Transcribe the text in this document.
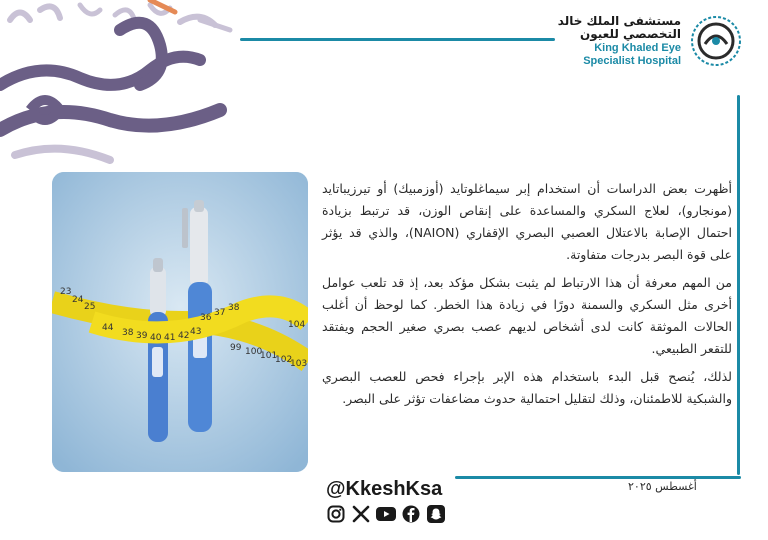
مستشفى الملك خالد
التخصصي للعيون
King Khaled Eye
Specialist Hospital
23
24
25
36 37 38
38 39 40 41 42 43
44
99 100
101
102
103
104

أظهرت بعض الدراسات أن استخدام إبر سيماغلوتايد (أوزمبيك) أو تيرزيباتايد (مونجارو)، لعلاج السكري والمساعدة على إنقاص الوزن، قد ترتبط بزيادة احتمال الإصابة بالاعتلال العصبي البصري الإقفاري (NAION)، والذي قد يؤثر على قوة البصر بدرجات متفاوتة.

من المهم معرفة أن هذا الارتباط لم يثبت بشكل مؤكد بعد، إذ قد تلعب عوامل أخرى مثل السكري والسمنة دورًا في زيادة هذا الخطر. كما لوحظ أن أغلب الحالات الموثقة كانت لدى أشخاص لديهم عصب بصري صغير الحجم ويفتقد للتقعر الطبيعي.

لذلك، يُنصح قبل البدء باستخدام هذه الإبر بإجراء فحص للعصب البصري والشبكية للاطمئنان، وذلك لتقليل احتمالية حدوث مضاعفات تؤثر على البصر.

@KkeshKsa	أغسطس ٢٠٢٥
